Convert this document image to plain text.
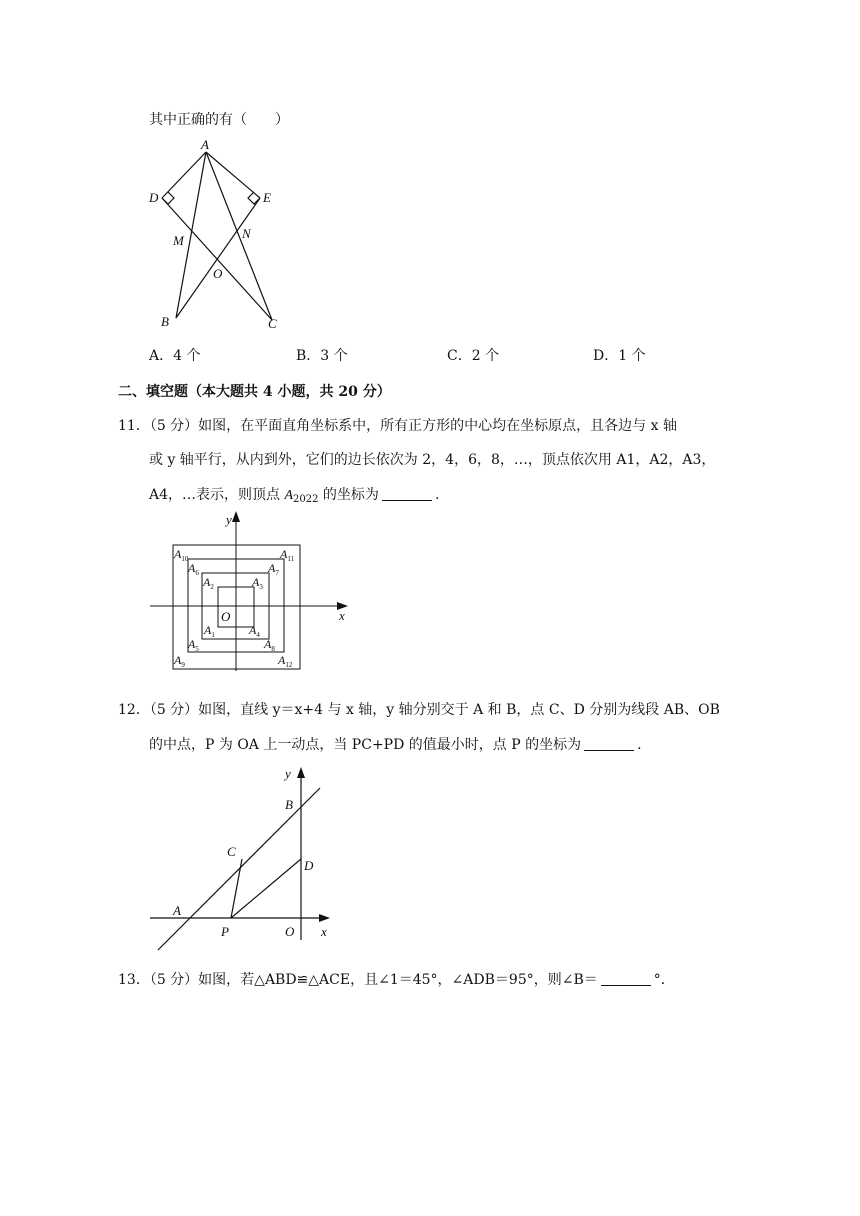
其中正确的有（　　）
A
D	E
M	N
O
B	C
A．4 个	B．3 个	C．2 个	D．1 个
二、填空题（本大题共 4 小题，共 20 分）
11．（5 分）如图，在平面直角坐标系中，所有正方形的中心均在坐标原点，且各边与 x 轴
或 y 轴平行，从内到外，它们的边长依次为 2，4，6，8，…，顶点依次用 A1，A2，A3，
A4，…表示，则顶点 $A_{2022}$ 的坐标为	.
y
x
O
$A_1$
$A_2$	$A_3$
$A_4$
$A_5$
$A_6$	$A_7$
$A_8$
$A_9$
$A_{10}$	$A_{11}$
$A_{12}$
12．（5 分）如图，直线 y＝x+4 与 x 轴，y 轴分别交于 A 和 B，点 C、D 分别为线段 AB、OB
的中点，P 为 OA 上一动点，当 PC+PD 的值最小时，点 P 的坐标为	.
y
x
B
C
D
A
P	O
13．（5 分）如图，若△ABD≌△ACE，且∠1＝45°，∠ADB＝95°，则∠B＝	°．
